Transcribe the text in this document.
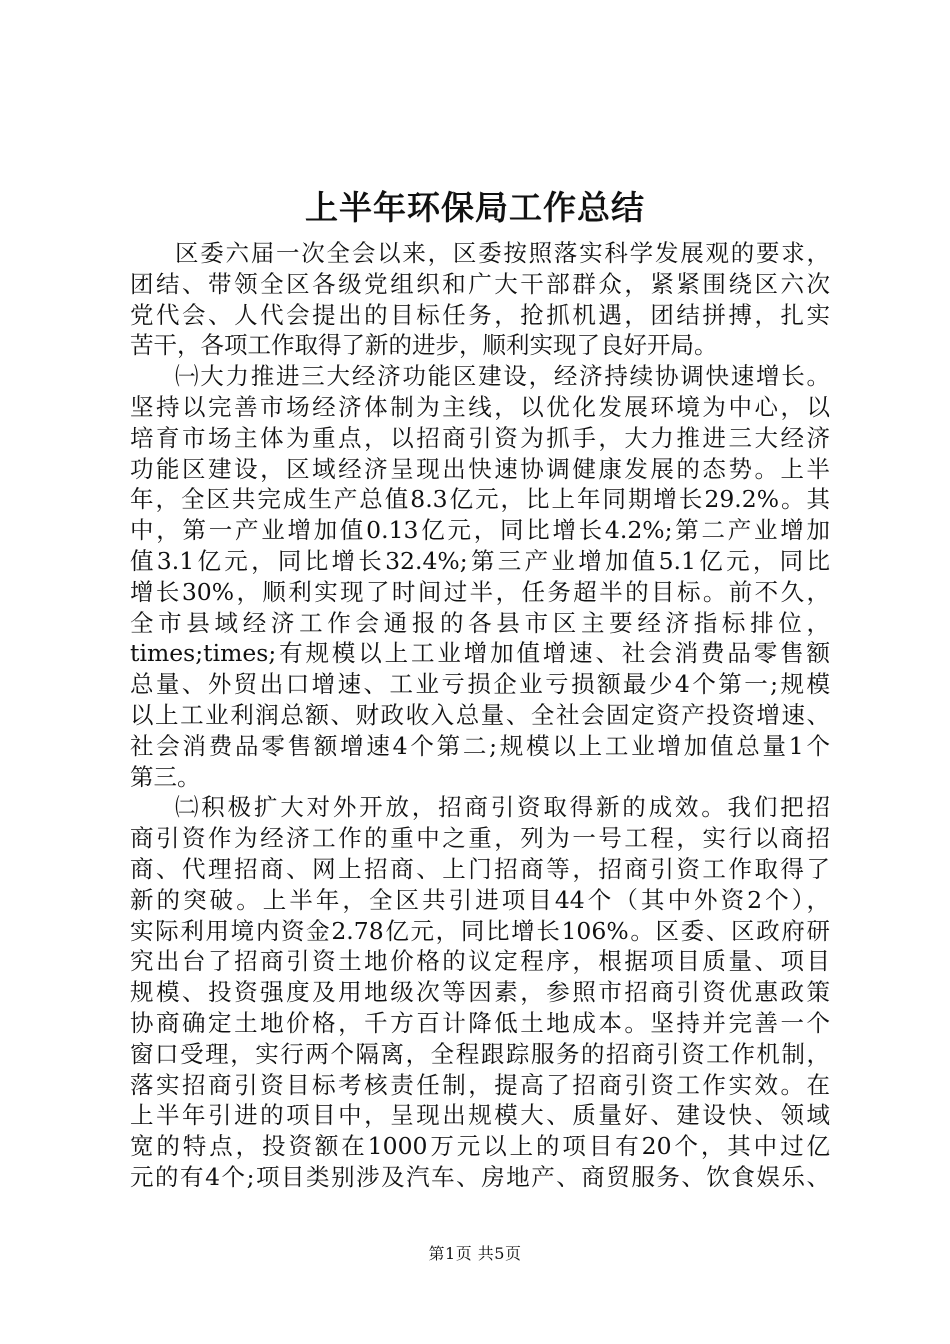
上半年环保局工作总结
区委六届一次全会以来，区委按照落实科学发展观的要求，
团结、带领全区各级党组织和广大干部群众，紧紧围绕区六次
党代会、人代会提出的目标任务，抢抓机遇，团结拼搏，扎实
苦干，各项工作取得了新的进步，顺利实现了良好开局。
㈠大力推进三大经济功能区建设，经济持续协调快速增长。
坚持以完善市场经济体制为主线，以优化发展环境为中心，以
培育市场主体为重点，以招商引资为抓手，大力推进三大经济
功能区建设，区域经济呈现出快速协调健康发展的态势。上半
年，全区共完成生产总值8.3亿元，比上年同期增长29.2%。其
中，第一产业增加值0.13亿元，同比增长4.2%;第二产业增加
值3.1亿元，同比增长32.4%;第三产业增加值5.1亿元，同比
增长30%，顺利实现了时间过半，任务超半的目标。前不久，
全市县域经济工作会通报的各县市区主要经济指标排位，
times;times;有规模以上工业增加值增速、社会消费品零售额
总量、外贸出口增速、工业亏损企业亏损额最少4个第一;规模
以上工业利润总额、财政收入总量、全社会固定资产投资增速、
社会消费品零售额增速4个第二;规模以上工业增加值总量1个
第三。
㈡积极扩大对外开放，招商引资取得新的成效。我们把招
商引资作为经济工作的重中之重，列为一号工程，实行以商招
商、代理招商、网上招商、上门招商等，招商引资工作取得了
新的突破。上半年，全区共引进项目44个（其中外资2个），
实际利用境内资金2.78亿元，同比增长106%。区委、区政府研
究出台了招商引资土地价格的议定程序，根据项目质量、项目
规模、投资强度及用地级次等因素，参照市招商引资优惠政策
协商确定土地价格，千方百计降低土地成本。坚持并完善一个
窗口受理，实行两个隔离，全程跟踪服务的招商引资工作机制，
落实招商引资目标考核责任制，提高了招商引资工作实效。在
上半年引进的项目中，呈现出规模大、质量好、建设快、领域
宽的特点，投资额在1000万元以上的项目有20个，其中过亿
元的有4个;项目类别涉及汽车、房地产、商贸服务、饮食娱乐、
第1页 共5页
